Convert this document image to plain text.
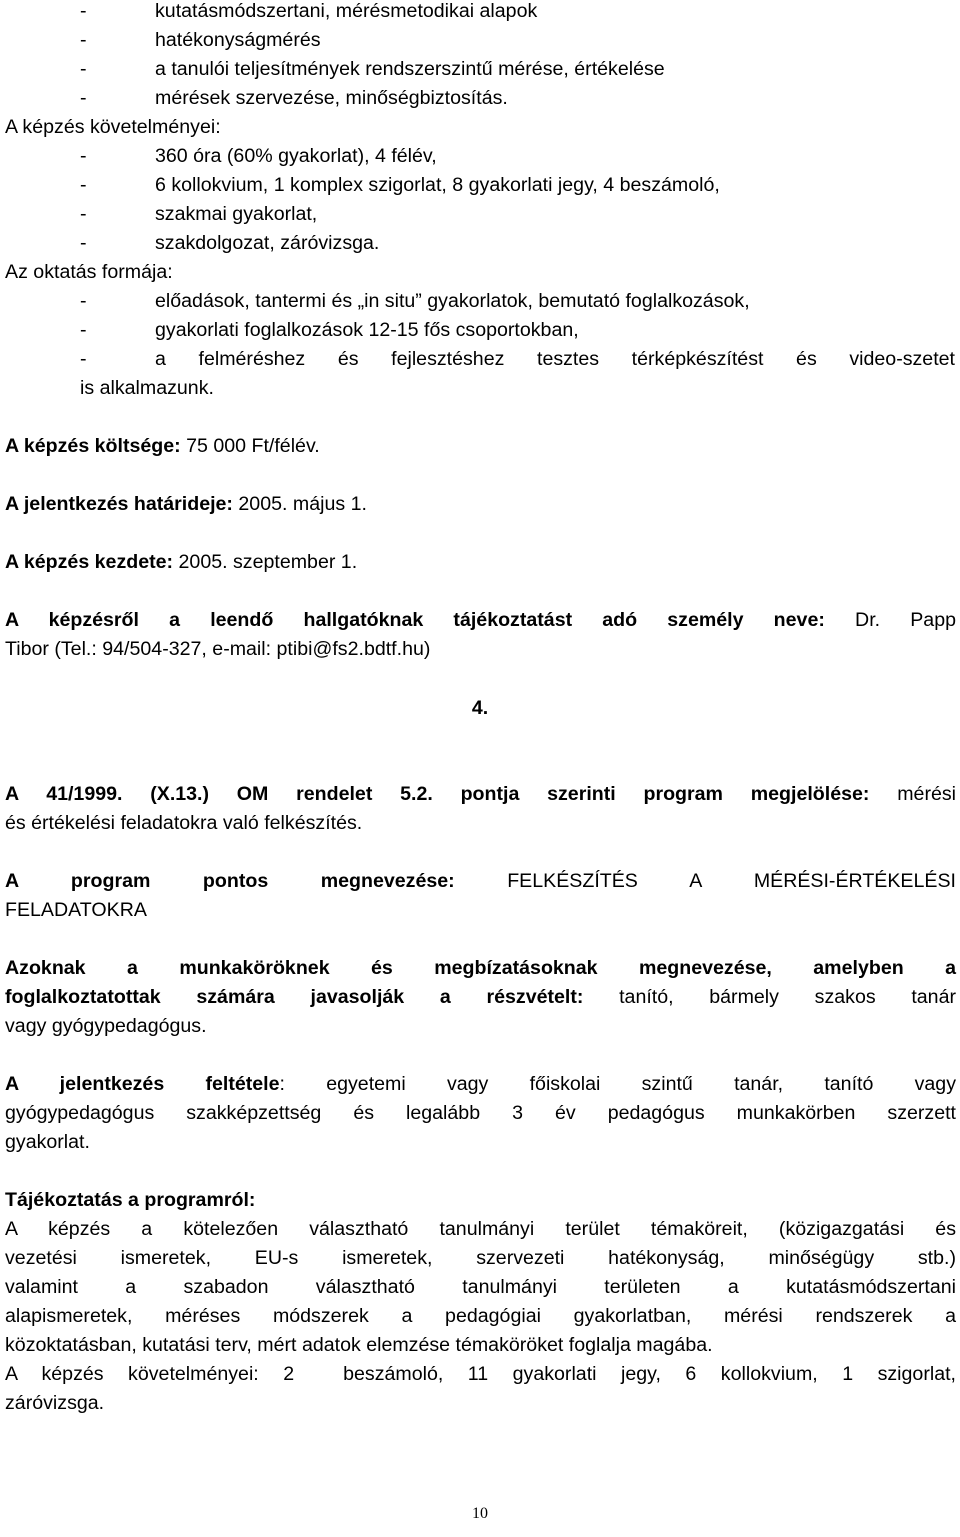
-	kutatásmódszertani, mérésmetodikai alapok
-	hatékonyságmérés
-	a tanulói teljesítmények rendszerszintű mérése, értékelése
-	mérések szervezése, minőségbiztosítás.
A képzés követelményei:
-	360 óra (60% gyakorlat), 4 félév,
-	6 kollokvium, 1 komplex szigorlat, 8 gyakorlati jegy, 4 beszámoló,
-	szakmai gyakorlat,
-	szakdolgozat, záróvizsga.
Az oktatás formája:
-	előadások, tantermi és „in situ” gyakorlatok, bemutató foglalkozások,
-	gyakorlati foglalkozások 12-15 fős csoportokban,
-	a felméréshez és fejlesztéshez tesztes térképkészítést és video-szetet
is alkalmazunk.
A képzés költsége: 75 000 Ft/félév.
A jelentkezés határideje: 2005. május 1.
A képzés kezdete: 2005. szeptember 1.
A képzésről a leendő hallgatóknak tájékoztatást adó személy neve: Dr. Papp
Tibor (Tel.: 94/504-327, e-mail: ptibi@fs2.bdtf.hu)
4.
A 41/1999. (X.13.) OM rendelet 5.2. pontja szerinti program megjelölése: mérési
és értékelési feladatokra való felkészítés.
A program pontos megnevezése:	FELKÉSZÍTÉS A MÉRÉSI-ÉRTÉKELÉSI
FELADATOKRA
Azoknak a munkaköröknek és megbízatásoknak megnevezése, amelyben a
foglalkoztatottak számára javasolják a részvételt: tanító, bármely szakos tanár
vagy gyógypedagógus.
A jelentkezés feltétele: egyetemi vagy főiskolai szintű tanár, tanító vagy
gyógypedagógus szakképzettség és legalább 3 év pedagógus munkakörben szerzett
gyakorlat.
Tájékoztatás a programról:
A képzés a kötelezően választható tanulmányi terület témaköreit, (közigazgatási és
vezetési ismeretek, EU-s ismeretek, szervezeti hatékonyság, minőségügy stb.)
valamint a szabadon választható tanulmányi területen a kutatásmódszertani
alapismeretek, méréses módszerek a pedagógiai gyakorlatban, mérési rendszerek a
közoktatásban, kutatási terv, mért adatok elemzése témaköröket foglalja magába.
A képzés követelményei: 2  beszámoló, 11 gyakorlati jegy, 6 kollokvium, 1 szigorlat,
záróvizsga.
10
